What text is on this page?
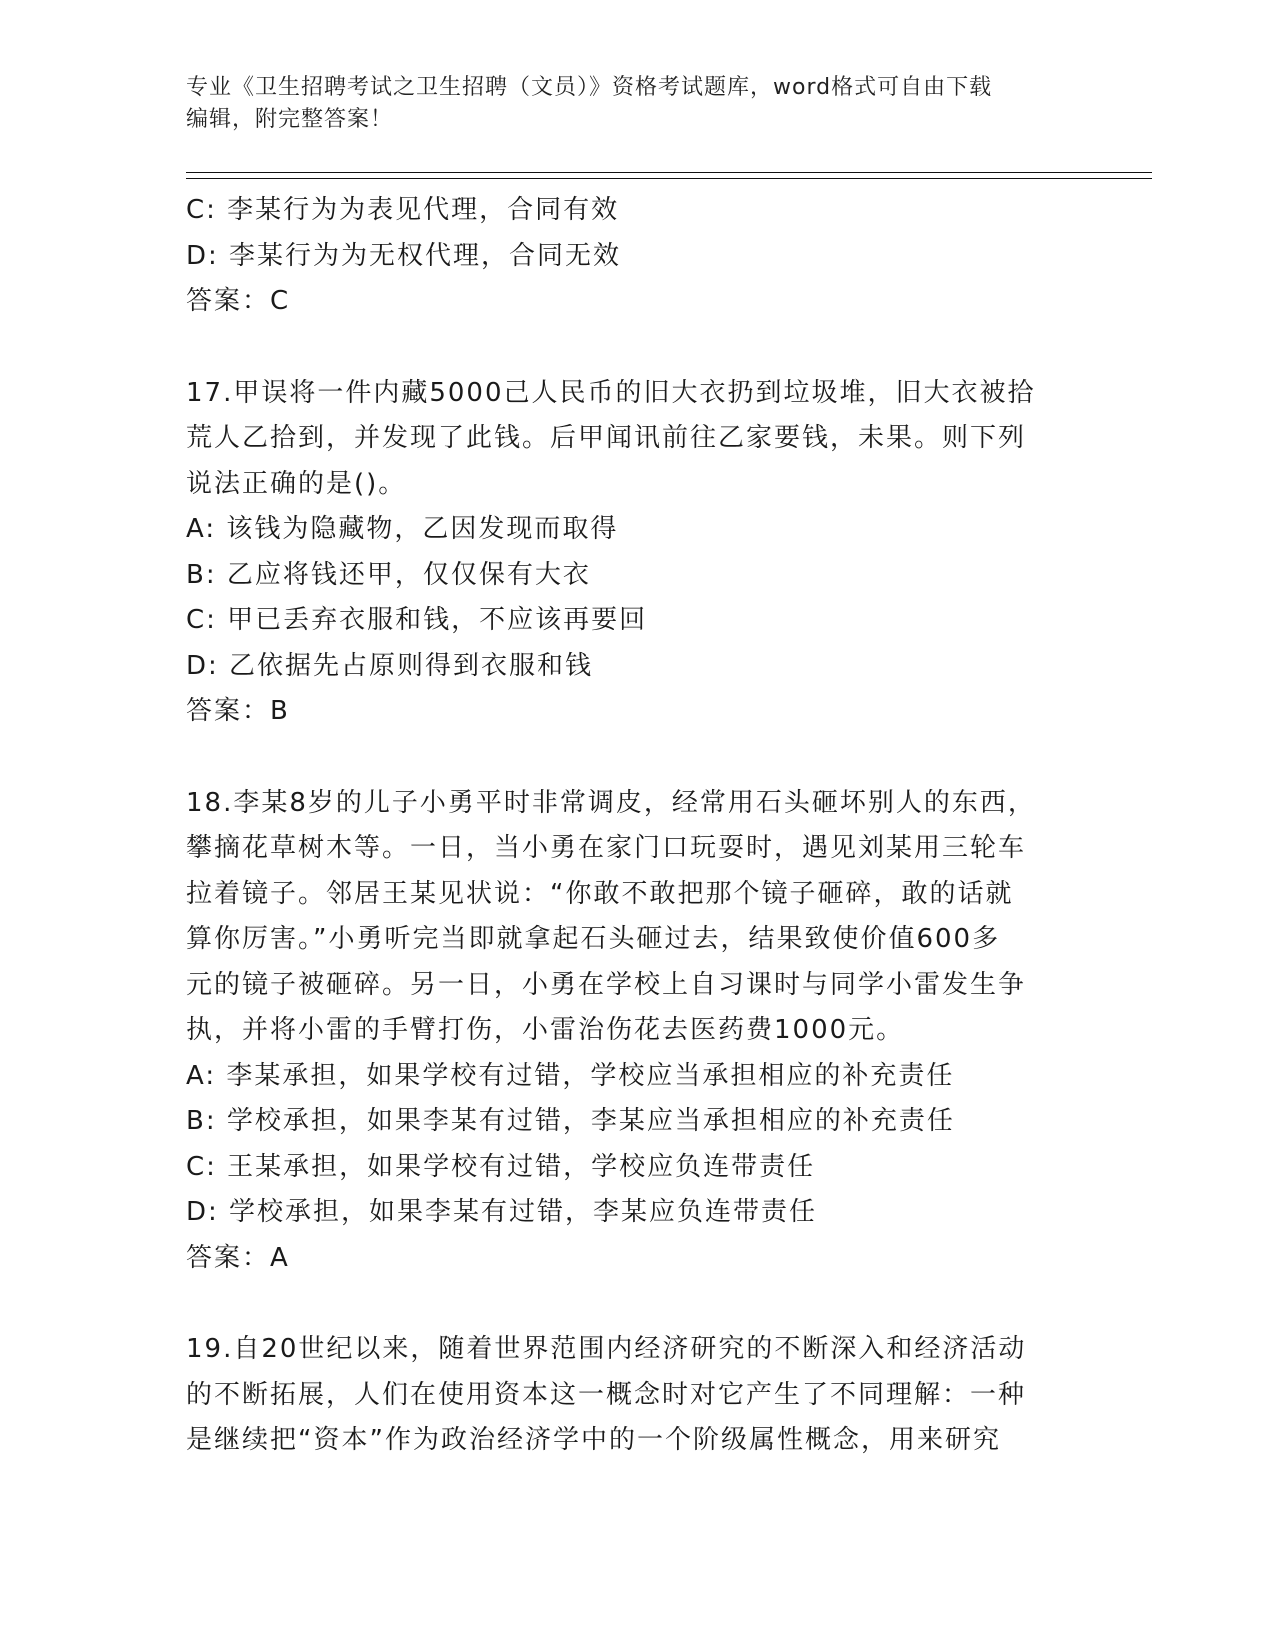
专业《卫生招聘考试之卫生招聘（文员）》资格考试题库，word格式可自由下载
编辑，附完整答案！
C: 李某行为为表见代理，合同有效
D: 李某行为为无权代理，合同无效
答案：C
17.甲误将一件内藏5000己人民币的旧大衣扔到垃圾堆，旧大衣被拾
荒人乙拾到，并发现了此钱。后甲闻讯前往乙家要钱，未果。则下列
说法正确的是()。
A: 该钱为隐藏物，乙因发现而取得
B: 乙应将钱还甲，仅仅保有大衣
C: 甲已丢弃衣服和钱，不应该再要回
D: 乙依据先占原则得到衣服和钱
答案：B
18.李某8岁的儿子小勇平时非常调皮，经常用石头砸坏别人的东西，
攀摘花草树木等。一日，当小勇在家门口玩耍时，遇见刘某用三轮车
拉着镜子。邻居王某见状说：“你敢不敢把那个镜子砸碎，敢的话就
算你厉害。”小勇听完当即就拿起石头砸过去，结果致使价值600多
元的镜子被砸碎。另一日，小勇在学校上自习课时与同学小雷发生争
执，并将小雷的手臂打伤，小雷治伤花去医药费1000元。
A: 李某承担，如果学校有过错，学校应当承担相应的补充责任
B: 学校承担，如果李某有过错，李某应当承担相应的补充责任
C: 王某承担，如果学校有过错，学校应负连带责任
D: 学校承担，如果李某有过错，李某应负连带责任
答案：A
19.自20世纪以来，随着世界范围内经济研究的不断深入和经济活动
的不断拓展，人们在使用资本这一概念时对它产生了不同理解：一种
是继续把“资本”作为政治经济学中的一个阶级属性概念，用来研究
